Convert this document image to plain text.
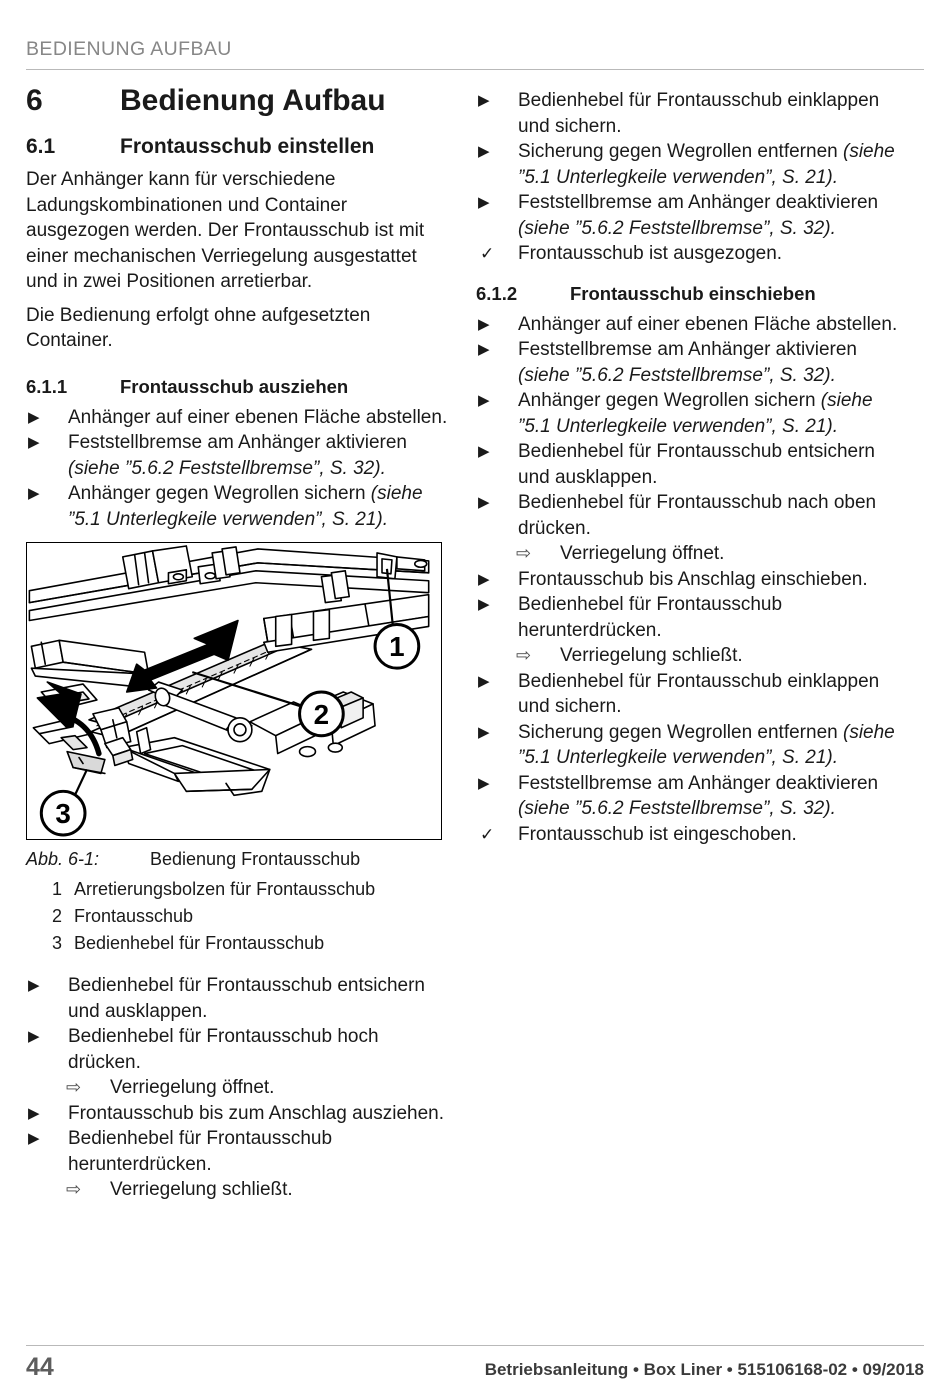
BEDIENUNG AUFBAU
6	Bedienung Aufbau
6.1	Frontausschub einstellen

Der Anhänger kann für verschiedene Ladungskombinationen und Container ausgezogen werden. Der Frontausschub ist mit einer mechanischen Verriegelung ausgestattet und in zwei Positionen arretierbar.

Die Bedienung erfolgt ohne aufgesetzten Container.

6.1.1	Frontausschub ausziehen
▶	Anhänger auf einer ebenen Fläche abstellen.
▶	Feststellbremse am Anhänger aktivieren (siehe ”5.6.2 Feststellbremse”, S. 32).
▶	Anhänger gegen Wegrollen sichern (siehe ”5.1 Unterlegkeile verwenden”, S. 21).
1
2
3
Abb. 6-1:	Bedienung Frontausschub
1 Arretierungsbolzen für Frontausschub
2 Frontausschub
3 Bedienhebel für Frontausschub
▶	Bedienhebel für Frontausschub entsichern und ausklappen.
▶	Bedienhebel für Frontausschub hoch drücken.
⇨	Verriegelung öffnet.
▶	Frontausschub bis zum Anschlag ausziehen.
▶	Bedienhebel für Frontausschub herunterdrücken.
⇨	Verriegelung schließt.
▶	Bedienhebel für Frontausschub einklappen und sichern.
▶	Sicherung gegen Wegrollen entfernen (siehe ”5.1 Unterlegkeile verwenden”, S. 21).
▶	Feststellbremse am Anhänger deaktivieren (siehe ”5.6.2 Feststellbremse”, S. 32).
✓	Frontausschub ist ausgezogen.
6.1.2	Frontausschub einschieben
▶	Anhänger auf einer ebenen Fläche abstellen.
▶	Feststellbremse am Anhänger aktivieren (siehe ”5.6.2 Feststellbremse”, S. 32).
▶	Anhänger gegen Wegrollen sichern (siehe ”5.1 Unterlegkeile verwenden”, S. 21).
▶	Bedienhebel für Frontausschub entsichern und ausklappen.
▶	Bedienhebel für Frontausschub nach oben drücken.
⇨	Verriegelung öffnet.
▶	Frontausschub bis Anschlag einschieben.
▶	Bedienhebel für Frontausschub herunterdrücken.
⇨	Verriegelung schließt.
▶	Bedienhebel für Frontausschub einklappen und sichern.
▶	Sicherung gegen Wegrollen entfernen (siehe ”5.1 Unterlegkeile verwenden”, S. 21).
▶	Feststellbremse am Anhänger deaktivieren (siehe ”5.6.2 Feststellbremse”, S. 32).
✓	Frontausschub ist eingeschoben.
44	Betriebsanleitung • Box Liner • 515106168-02 • 09/2018
